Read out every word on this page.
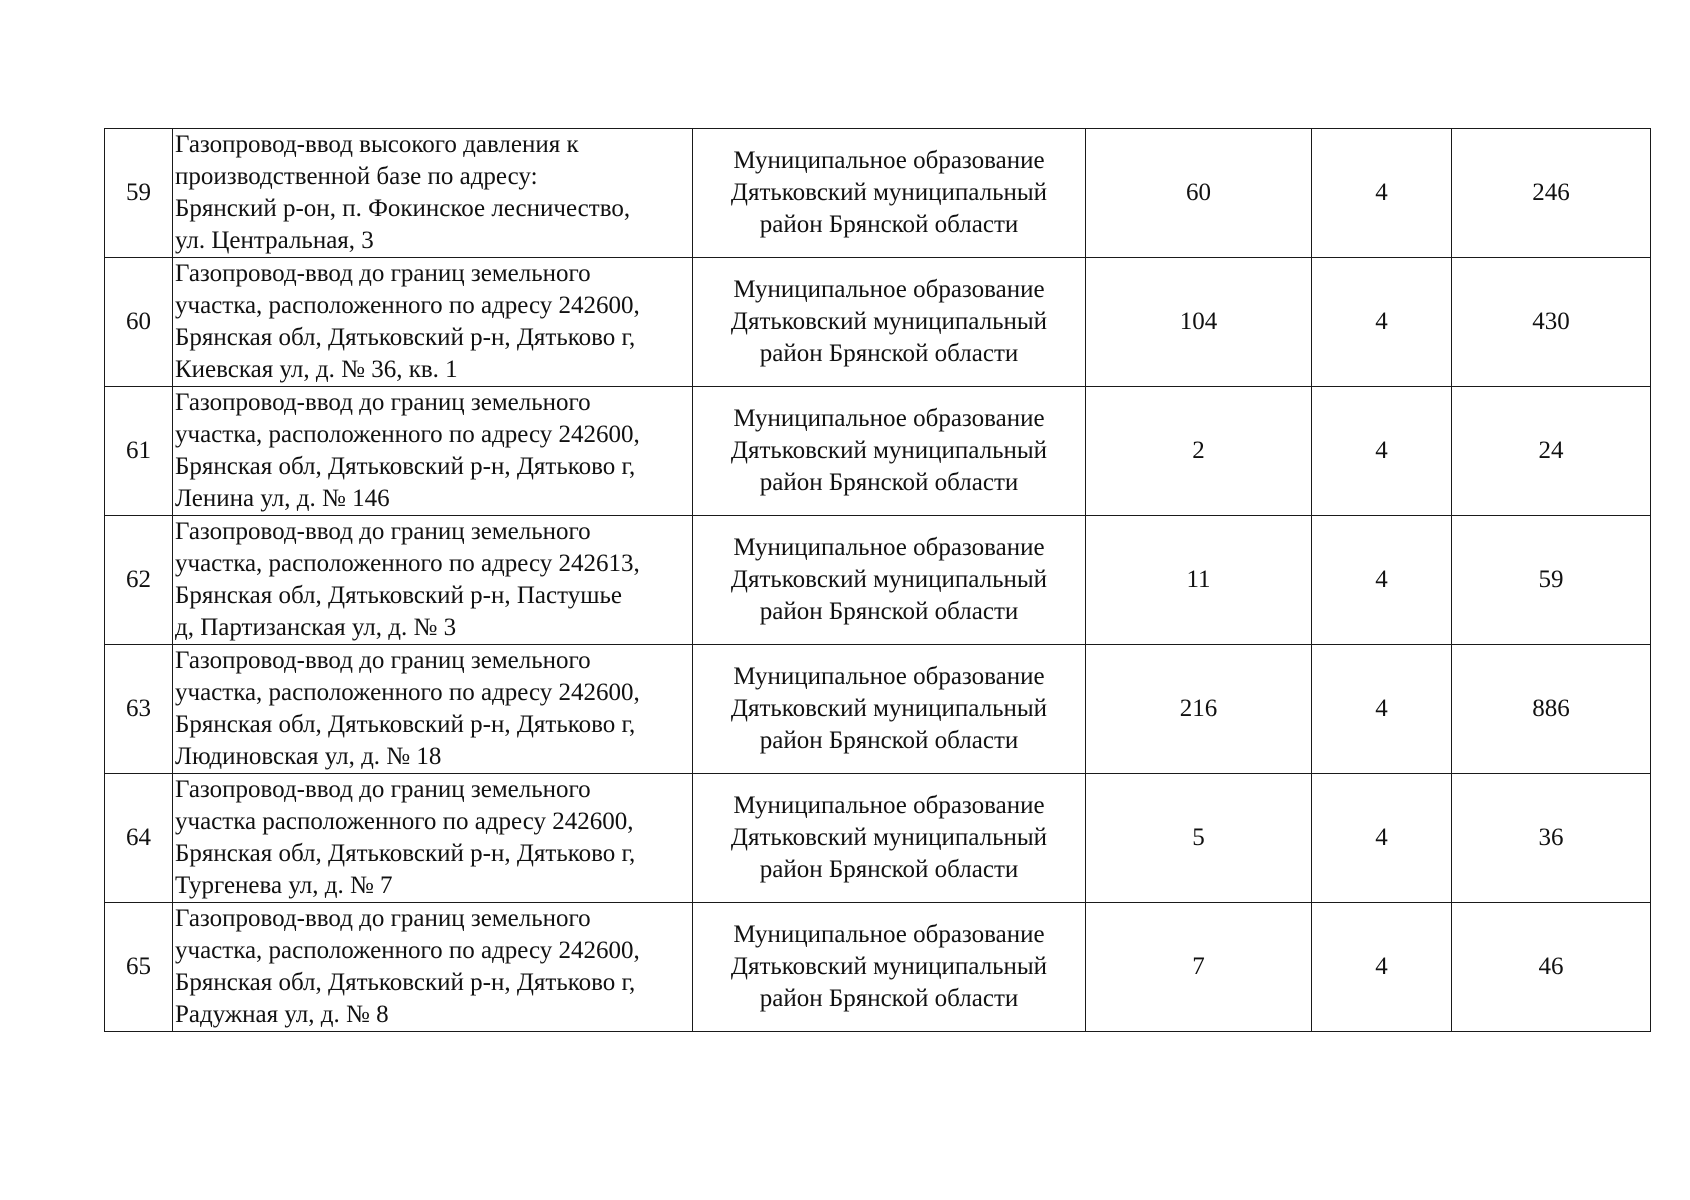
59	Газопровод-ввод высокого давления к
производственной базе по адресу:
Брянский р-он, п. Фокинское лесничество,
ул. Центральная, 3	Муниципальное образование
Дятьковский муниципальный
район Брянской области	60	4	246
60	Газопровод-ввод до границ земельного
участка, расположенного по адресу 242600,
Брянская обл, Дятьковский р-н, Дятьково г,
Киевская ул, д. № 36, кв. 1	Муниципальное образование
Дятьковский муниципальный
район Брянской области	104	4	430
61	Газопровод-ввод до границ земельного
участка, расположенного по адресу 242600,
Брянская обл, Дятьковский р-н, Дятьково г,
Ленина ул, д. № 146	Муниципальное образование
Дятьковский муниципальный
район Брянской области	2	4	24
62	Газопровод-ввод до границ земельного
участка, расположенного по адресу 242613,
Брянская обл, Дятьковский р-н, Пастушье
д, Партизанская ул, д. № 3	Муниципальное образование
Дятьковский муниципальный
район Брянской области	11	4	59
63	Газопровод-ввод до границ земельного
участка, расположенного по адресу 242600,
Брянская обл, Дятьковский р-н, Дятьково г,
Людиновская ул, д. № 18	Муниципальное образование
Дятьковский муниципальный
район Брянской области	216	4	886
64	Газопровод-ввод до границ земельного
участка расположенного по адресу 242600,
Брянская обл, Дятьковский р-н, Дятьково г,
Тургенева ул, д. № 7	Муниципальное образование
Дятьковский муниципальный
район Брянской области	5	4	36
65	Газопровод-ввод до границ земельного
участка, расположенного по адресу 242600,
Брянская обл, Дятьковский р-н, Дятьково г,
Радужная ул, д. № 8	Муниципальное образование
Дятьковский муниципальный
район Брянской области	7	4	46
